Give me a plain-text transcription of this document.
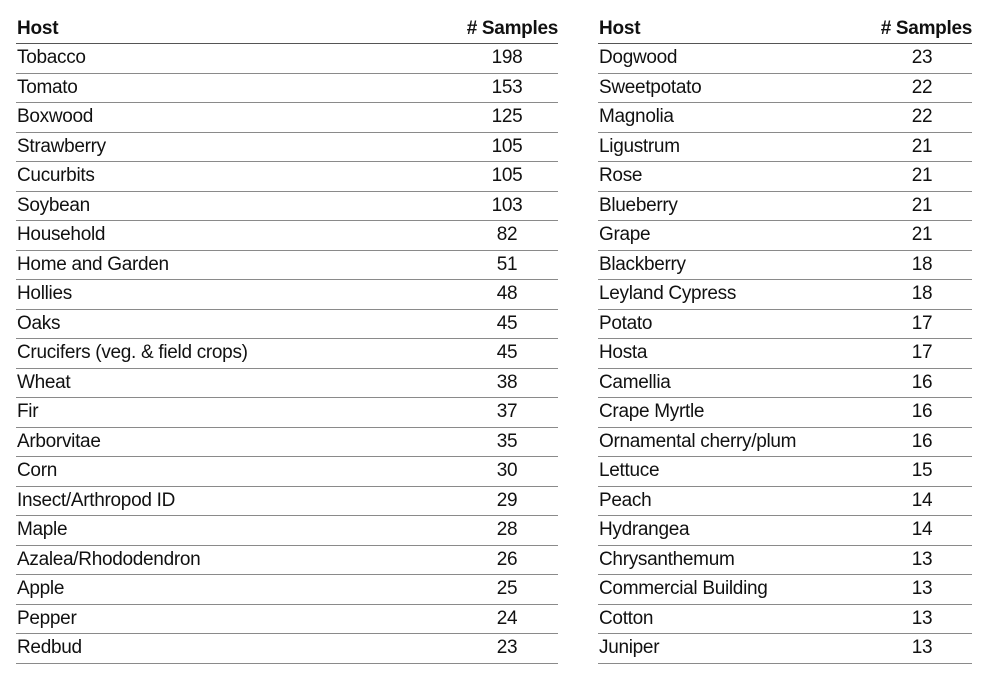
Host	# Samples
Tobacco	198
Tomato	153
Boxwood	125
Strawberry	105
Cucurbits	105
Soybean	103
Household	82
Home and Garden	51
Hollies	48
Oaks	45
Crucifers (veg. & field crops)	45
Wheat	38
Fir	37
Arborvitae	35
Corn	30
Insect/Arthropod ID	29
Maple	28
Azalea/Rhododendron	26
Apple	25
Pepper	24
Redbud	23
Host	# Samples
Dogwood	23
Sweetpotato	22
Magnolia	22
Ligustrum	21
Rose	21
Blueberry	21
Grape	21
Blackberry	18
Leyland Cypress	18
Potato	17
Hosta	17
Camellia	16
Crape Myrtle	16
Ornamental cherry/plum	16
Lettuce	15
Peach	14
Hydrangea	14
Chrysanthemum	13
Commercial Building	13
Cotton	13
Juniper	13
